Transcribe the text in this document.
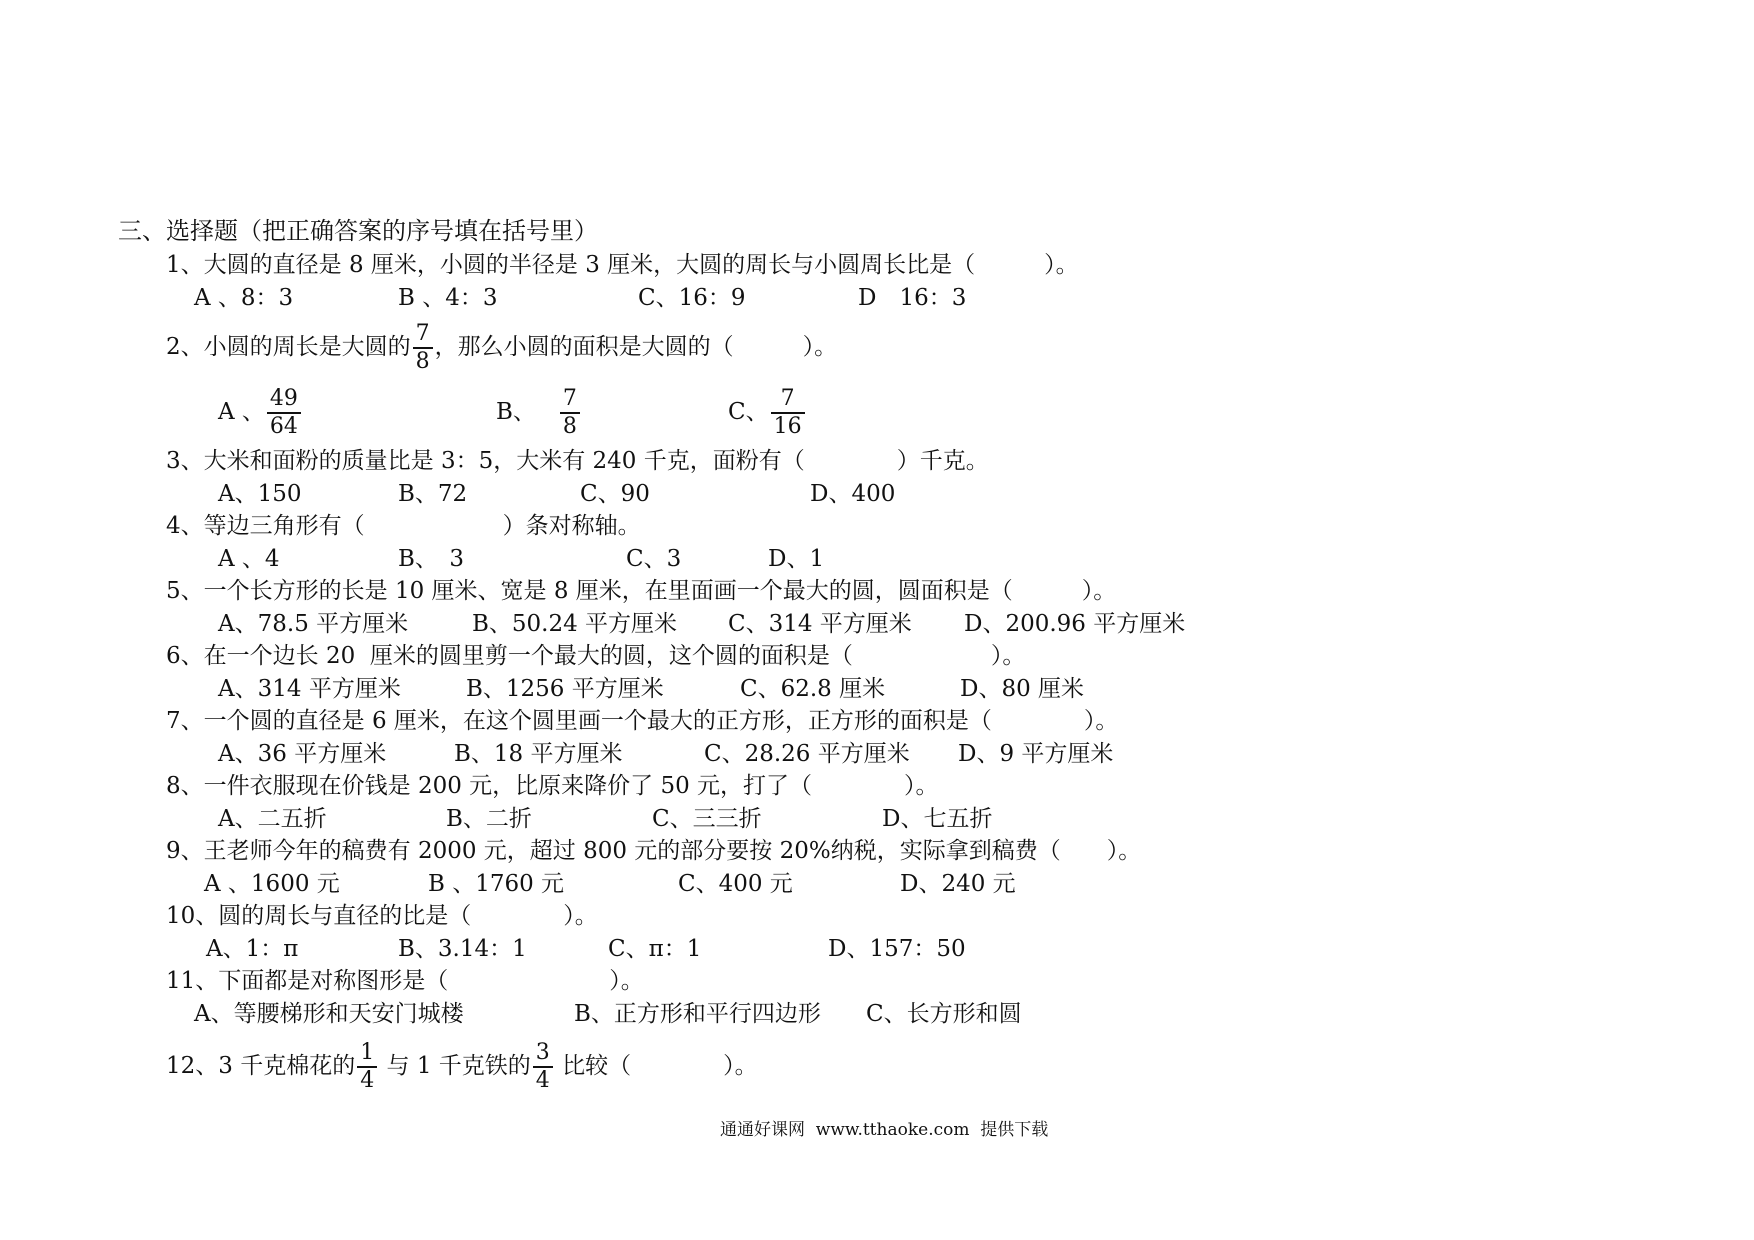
三、选择题（把正确答案的序号填在括号里）
1、大圆的直径是 8 厘米，小圆的半径是 3 厘米，大圆的周长与小圆周长比是（　　　）。
A 、8：3	B 、4：3	C、16：9	D　16：3
2、小圆的周长是大圆的 $\frac{7}{8}$ ，那么小圆的面积是大圆的（　　　）。
A 、 $\frac{49}{64}$	B、 $\frac{7}{8}$	C、 $\frac{7}{16}$
3、大米和面粉的质量比是 3：5，大米有 240 千克，面粉有（　　　　）千克。
A、150	B、72	C、90	D、400
4、等边三角形有（　　　　　　）条对称轴。
A 、4	B、　3	C、3	D、1
5、一个长方形的长是 10 厘米、宽是 8 厘米，在里面画一个最大的圆，圆面积是（　　　）。
A、78.5 平方厘米	B、50.24 平方厘米 C、314 平方厘米 D、200.96 平方厘米
6、在一个边长 20  厘米的圆里剪一个最大的圆，这个圆的面积是（　　　　　　）。
A、314 平方厘米	B、1256 平方厘米	C、62.8 厘米	D、80 厘米
7、一个圆的直径是 6 厘米，在这个圆里画一个最大的正方形，正方形的面积是（　　　　）。
A、36 平方厘米	B、18 平方厘米	C、28.26 平方厘米 D、9 平方厘米
8、一件衣服现在价钱是 200 元，比原来降价了 50 元，打了（　　　　）。
A、二五折	B、二折	C、三三折	D、七五折
9、王老师今年的稿费有 2000 元，超过 800 元的部分要按 20%纳税，实际拿到稿费（　　）。
A 、1600 元	B 、1760 元	C、400 元	D、240 元
10、圆的周长与直径的比是（　　　　）。
A、1：π	B、3.14：1	C、π：1	D、157：50
11、下面都是对称图形是（　　　　　　　）。
A、等腰梯形和天安门城楼	B、正方形和平行四边形 C、长方形和圆
12、3 千克棉花的 $\frac{1}{4}$ 与 1 千克铁的 $\frac{3}{4}$ 比较（　　　　）。
通通好课网  www.tthaoke.com  提供下载
